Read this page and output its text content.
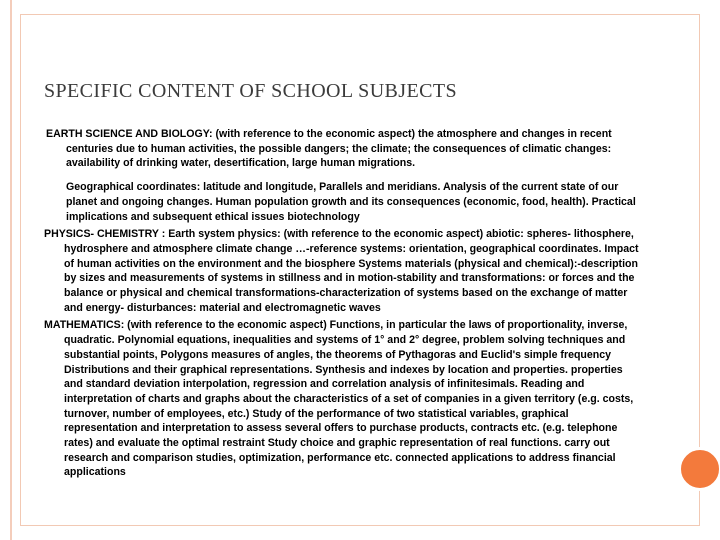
SPECIFIC CONTENT OF SCHOOL SUBJECTS

EARTH SCIENCE AND BIOLOGY: (with reference to the economic aspect) the atmosphere and changes in recent centuries due to human activities, the possible dangers; the climate; the consequences of climatic changes: availability of drinking water, desertification, large human migrations.

Geographical coordinates: latitude and longitude, Parallels and meridians. Analysis of the current state of our planet and ongoing changes. Human population growth and its consequences (economic, food, health). Practical implications and subsequent ethical issues biotechnology

PHYSICS- CHEMISTRY : Earth system physics: (with reference to the economic aspect) abiotic: spheres- lithosphere, hydrosphere and atmosphere climate change …-reference systems: orientation, geographical coordinates. Impact of human activities on the environment and the biosphere Systems materials (physical and chemical):-description by sizes and measurements of systems in stillness and in motion-stability and transformations: or forces and the balance or physical and chemical transformations-characterization of systems based on the exchange of matter and energy- disturbances: material and electromagnetic waves

MATHEMATICS: (with reference to the economic aspect) Functions, in particular the laws of proportionality, inverse, quadratic. Polynomial equations, inequalities and systems of 1° and 2° degree, problem solving techniques and substantial points, Polygons measures of angles, the theorems of Pythagoras and Euclid's simple frequency Distributions and their graphical representations. Synthesis and indexes by location and properties. properties and standard deviation interpolation, regression and correlation analysis of infinitesimals. Reading and interpretation of charts and graphs about the characteristics of a set of companies in a given territory (e.g. costs, turnover, number of employees, etc.) Study of the performance of two statistical variables, graphical representation and interpretation to assess several offers to purchase products, contracts etc. (e.g. telephone rates) and evaluate the optimal restraint Study choice and graphic representation of real functions. carry out research and comparison studies, optimization, performance etc. connected applications to address financial applications
